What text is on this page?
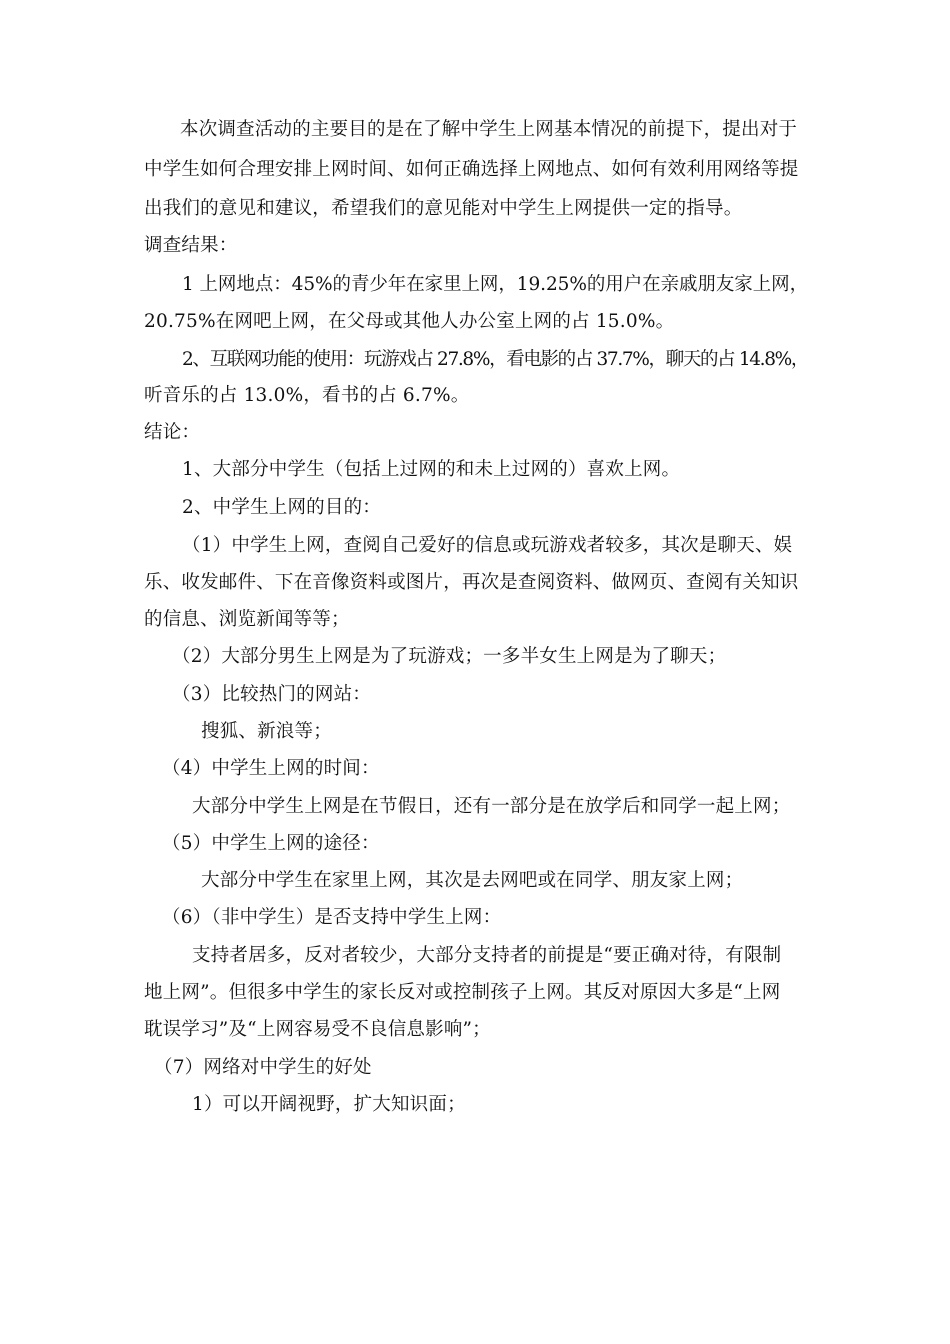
本次调查活动的主要目的是在了解中学生上网基本情况的前提下，提出对于
中学生如何合理安排上网时间、如何正确选择上网地点、如何有效利用网络等提
出我们的意见和建议，希望我们的意见能对中学生上网提供一定的指导。
调查结果：
1 上网地点：45%的青少年在家里上网，19.25%的用户在亲戚朋友家上网，
20.75%在网吧上网，在父母或其他人办公室上网的占 15.0%。
2、互联网功能的使用：玩游戏占 27.8%，看电影的占 37.7%，聊天的占 14.8%，
听音乐的占 13.0%，看书的占 6.7%。
结论：
1、大部分中学生（包括上过网的和未上过网的）喜欢上网。
2、中学生上网的目的：
（1）中学生上网，查阅自己爱好的信息或玩游戏者较多，其次是聊天、娱
乐、收发邮件、下在音像资料或图片，再次是查阅资料、做网页、查阅有关知识
的信息、浏览新闻等等；
（2）大部分男生上网是为了玩游戏；一多半女生上网是为了聊天；
（3）比较热门的网站：
搜狐、新浪等；
（4）中学生上网的时间：
大部分中学生上网是在节假日，还有一部分是在放学后和同学一起上网；
（5）中学生上网的途径：
大部分中学生在家里上网，其次是去网吧或在同学、朋友家上网；
（6）（非中学生）是否支持中学生上网：
支持者居多，反对者较少，大部分支持者的前提是“要正确对待，有限制
地上网”。但很多中学生的家长反对或控制孩子上网。其反对原因大多是“上网
耽误学习”及“上网容易受不良信息影响”；
（7）网络对中学生的好处
1）可以开阔视野，扩大知识面；
